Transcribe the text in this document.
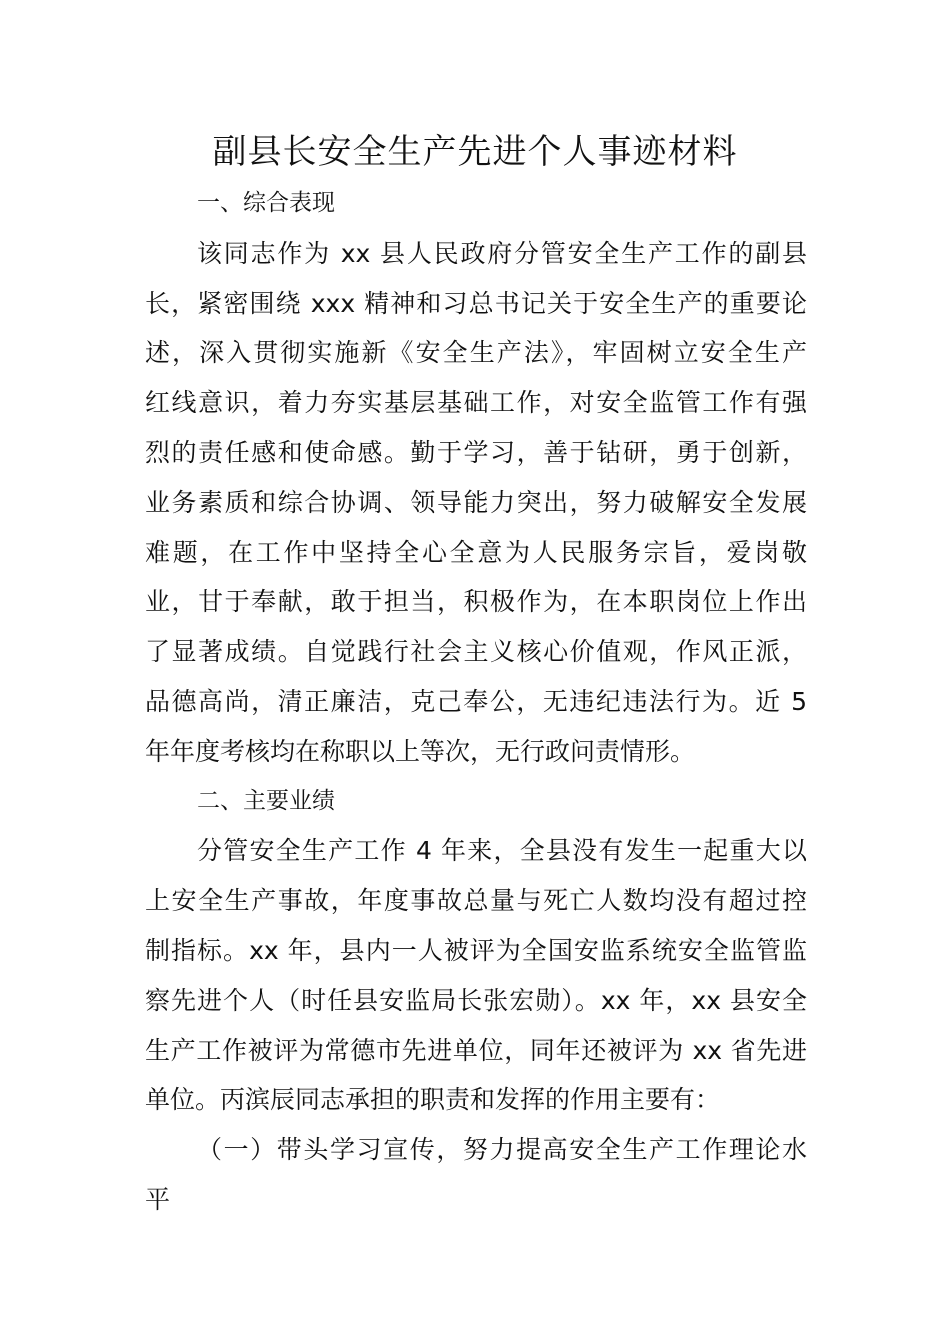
副县长安全生产先进个人事迹材料
一、综合表现
该同志作为 xx 县人民政府分管安全生产工作的副县
长，紧密围绕 xxx 精神和习总书记关于安全生产的重要论
述，深入贯彻实施新《安全生产法》，牢固树立安全生产
红线意识，着力夯实基层基础工作，对安全监管工作有强
烈的责任感和使命感。勤于学习，善于钻研，勇于创新，
业务素质和综合协调、领导能力突出，努力破解安全发展
难题，在工作中坚持全心全意为人民服务宗旨，爱岗敬
业，甘于奉献，敢于担当，积极作为，在本职岗位上作出
了显著成绩。自觉践行社会主义核心价值观，作风正派，
品德高尚，清正廉洁，克己奉公，无违纪违法行为。近 5
年年度考核均在称职以上等次，无行政问责情形。
二、主要业绩
分管安全生产工作 4 年来，全县没有发生一起重大以
上安全生产事故，年度事故总量与死亡人数均没有超过控
制指标。xx 年，县内一人被评为全国安监系统安全监管监
察先进个人（时任县安监局长张宏勋）。xx 年，xx 县安全
生产工作被评为常德市先进单位，同年还被评为 xx 省先进
单位。丙滨辰同志承担的职责和发挥的作用主要有：
（一）带头学习宣传，努力提高安全生产工作理论水
平
